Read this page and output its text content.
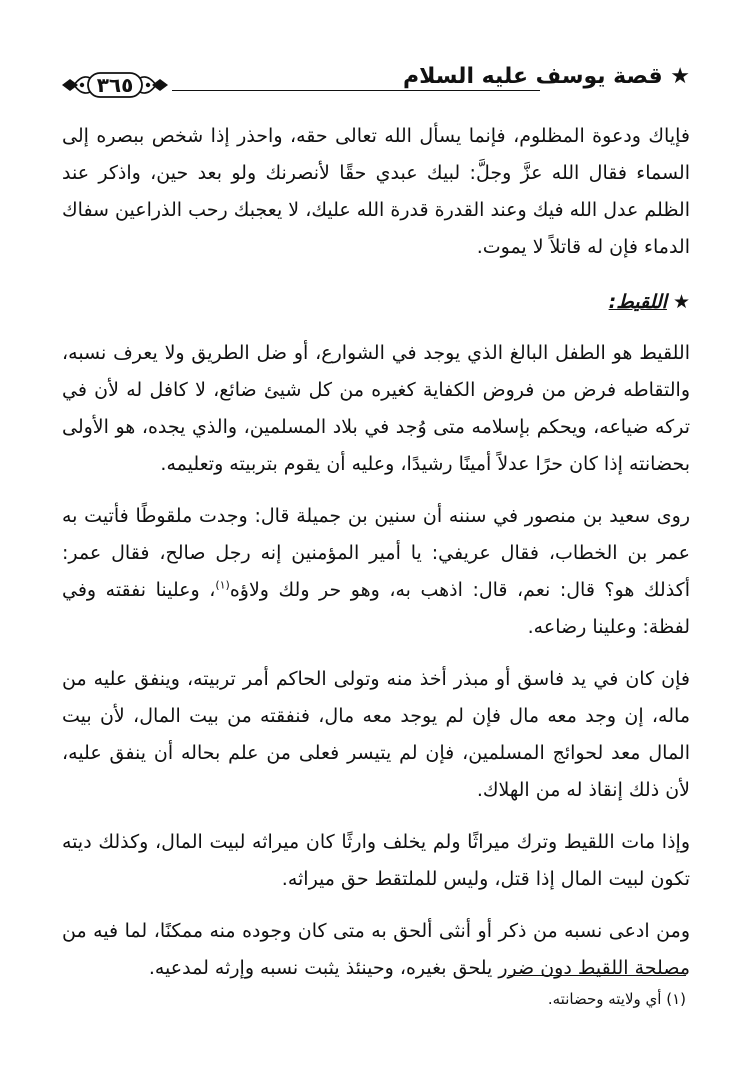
★ قصة يوسف عليه السلام
٣٦٥

فإياك ودعوة المظلوم، فإنما يسأل الله تعالى حقه، واحذر إذا شخص ببصره إلى السماء فقال الله عزَّ وجلَّ: لبيك عبدي حقًا لأنصرنك ولو بعد حين، واذكر عند الظلم عدل الله فيك وعند القدرة قدرة الله عليك، لا يعجبك رحب الذراعين سفاك الدماء فإن له قاتلاً لا يموت.

★اللقيط:

اللقيط هو الطفل البالغ الذي يوجد في الشوارع، أو ضل الطريق ولا يعرف نسبه، والتقاطه فرض من فروض الكفاية كغيره من كل شيئ ضائع، لا كافل له لأن في تركه ضياعه، ويحكم بإسلامه متى وُجد في بلاد المسلمين، والذي يجده، هو الأولى بحضانته إذا كان حرًا عدلاً أمينًا رشيدًا، وعليه أن يقوم بتربيته وتعليمه.

روى سعيد بن منصور في سننه أن سنين بن جميلة قال: وجدت ملقوطًا فأتيت به عمر بن الخطاب، فقال عريفي: يا أمير المؤمنين إنه رجل صالح، فقال عمر: أكذلك هو؟ قال: نعم، قال: اذهب به، وهو حر ولك ولاؤه$^{(١)}$، وعلينا نفقته وفي لفظة: وعلينا رضاعه.

فإن كان في يد فاسق أو مبذر أخذ منه وتولى الحاكم أمر تربيته، وينفق عليه من ماله، إن وجد معه مال فإن لم يوجد معه مال، فنفقته من بيت المال، لأن بيت المال معد لحوائج المسلمين، فإن لم يتيسر فعلى من علم بحاله أن ينفق عليه، لأن ذلك إنقاذ له من الهلاك.

وإذا مات اللقيط وترك ميراثًا ولم يخلف وارثًا كان ميراثه لبيت المال، وكذلك ديته تكون لبيت المال إذا قتل، وليس للملتقط حق ميراثه.

ومن ادعى نسبه من ذكر أو أنثى ألحق به متى كان وجوده منه ممكنًا، لما فيه من مصلحة اللقيط دون ضرر يلحق بغيره، وحينئذ يثبت نسبه وإرثه لمدعيه.

(١) أي ولايته وحضانته.
